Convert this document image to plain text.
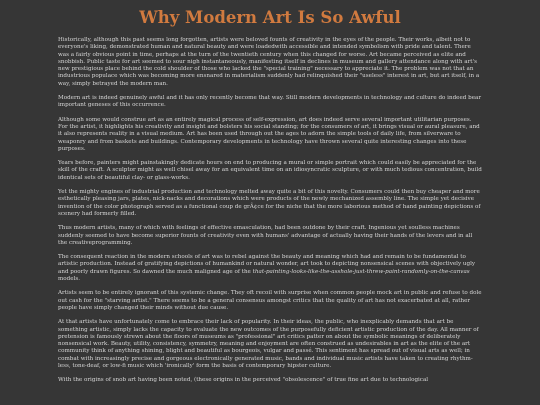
Why Modern Art Is So Awful

Historically, although this past seems long forgotten, artists were beloved founts of creativity in the eyes of the people. Their works, albeit not to everyone's liking, demonstrated human and natural beauty and were loadedwith accessible and intended symbolism with pride and talent. There was a fairly obvious point in time, perhaps at the turn of the twentieth century when this changed for worse. Art became perceived as elite and snobbish. Public taste for art seemed to sour nigh instantaneously, manifesting itself in declines in museum and gallery attendance along with art's new prestigious place behind the cold shoulder of those who lacked the "special training" necessary to appreciate it. The problem was not that an industrious populace which was becoming more ensnared in materialism suddenly had relinquished their "useless" interest in art, but art itself, in a way, simply betrayed the modern man.

Modern art is indeed genuinely awful and it has only recently become that way. Still modern developments in technology and culture do indeed bear important geneses of this occurrence.

Although some would construe art as an entirely magical process of self-expression, art does indeed serve several important utilitarian purposes. For the artist, it highlights his creativity and insight and bolsters his social standing; for the consumers of art, it brings visual or aural pleasure, and it also represents reality in a visual medium. Art has been used through out the ages to adorn the simple tools of daily life, from silverware to weaponry and from baskets and buildings. Contemporary developments in technology have thrown several quite interesting changes into these purposes.

Years before, painters might painstakingly dedicate hours on end to producing a mural or simple portrait which could easily be appreciated for the skill of the craft. A sculptor might as well chisel away for an equivalent time on an idiosyncratic sculpture, or with much tedious concentration, build identical sets of beautiful clay- or glass-works.

Yet the mighty engines of industrial production and technology melted away quite a bit of this novelty. Consumers could then buy cheaper and more esthetically pleasing jars, plates, nick-nacks and decorations which were products of the newly mechanized assembly line. The simple yet decisive invention of the color photograph served as a functional coup de grÃ¢ce for the niche that the more laborious method of hand painting depictions of scenery had formerly filled.

Thus modern artists, many of which with feelings of effective emasculation, had been outdone by their craft. Ingenious yet soulless machines suddenly seemed to have become superior founts of creativity even with humans' advantage of actually having their hands of the levers and in all the creativeprogramming.

The consequent reaction in the modern schools of art was to rebel against the beauty and meaning which had and remain to be fundamental to artistic production. Instead of gratifying depictions of humankind or natural wonder, art took to depicting nonsensical scenes with objectively ugly and poorly drawn figures. So dawned the much maligned age of the that-painting-looks-like-the-asshole-just-threw-paint-randomly-on-the-canvas models.

Artists seem to be entirely ignorant of this systemic change. They oft recoil with surprise when common people mock art in public and refuse to dole out cash for the "starving artist." There seems to be a general consensus amongst critics that the quality of art has not exacerbated at all, rather people have simply changed their minds without due cause.

At that artists have unfortunately come to embrace their lack of popularity. In their ideas, the public, who inexplicably demands that art be something artistic, simply lacks the capacity to evaluate the new outcomes of the purposefully deficient artistic production of the day. All manner of pretension is famously strewn about the floors of museums as "professional" art critics patter on about the symbolic meanings of deliberately nonsensical work. Beauty, utility, consistency, symmetry, meaning and enjoyment are often construed as undesirables in art as the elite of the art community think of anything shining, blight and beautiful as bourgeois, vulgar and passé. This sentiment has spread out of visual arts as well; in combat with increasingly precise and gorgeous electronically generated music, bands and individual music artists have taken to creating rhythm-less, tone-deaf, or low-fi music which 'ironically' form the basis of contemporary hipster culture.

With the origins of snob art having been noted, (these origins in the perceived "obsolescence" of true fine art due to technological
